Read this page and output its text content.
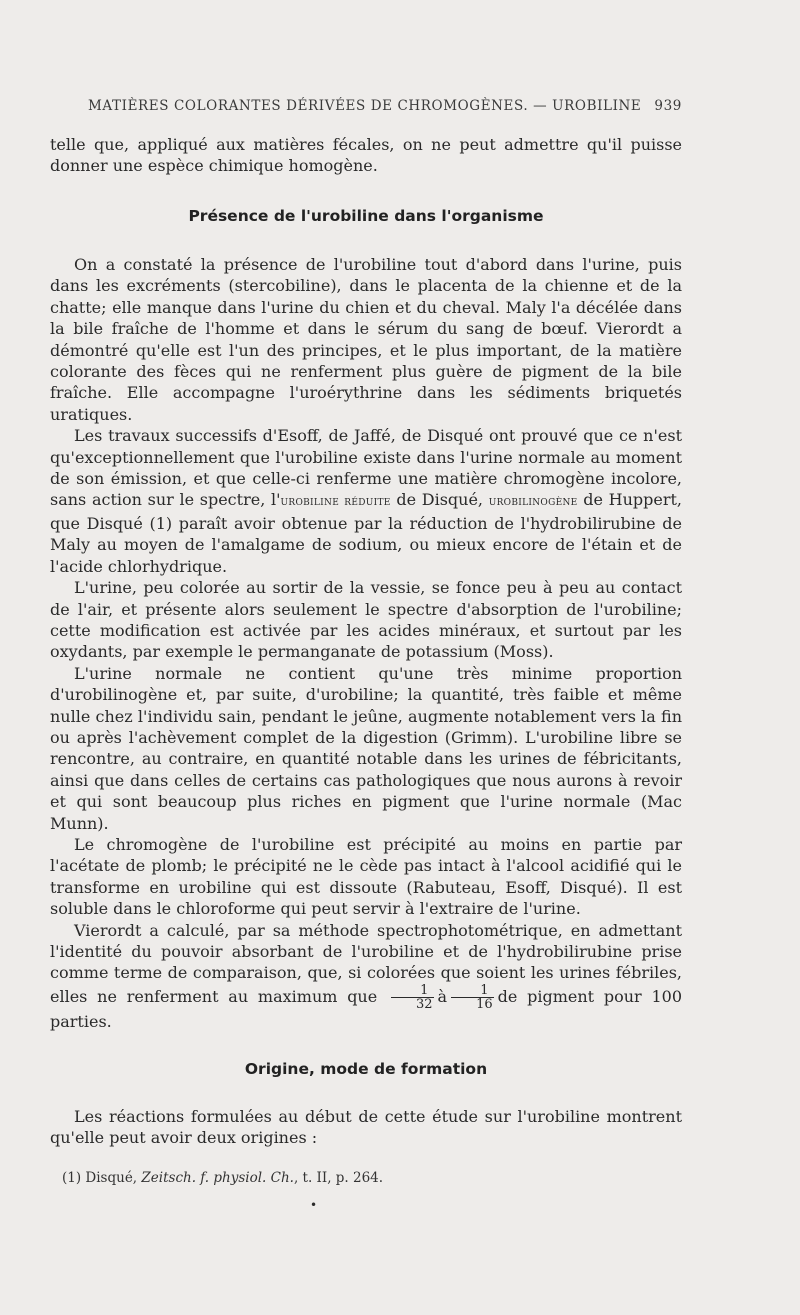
MATIÈRES COLORANTES DÉRIVÉES DE CHROMOGÈNES. — UROBILINE 939

telle que, appliqué aux matières fécales, on ne peut admettre qu'il puisse donner une espèce chimique homogène.

Présence de l'urobiline dans l'organisme

On a constaté la présence de l'urobiline tout d'abord dans l'urine, puis dans les excréments (stercobiline), dans le placenta de la chienne et de la chatte; elle manque dans l'urine du chien et du cheval. Maly l'a décélée dans la bile fraîche de l'homme et dans le sérum du sang de bœuf. Vierordt a démontré qu'elle est l'un des principes, et le plus important, de la matière colorante des fèces qui ne renferment plus guère de pigment de la bile fraîche. Elle accompagne l'uroérythrine dans les sédiments briquetés uratiques.

Les travaux successifs d'Esoff, de Jaffé, de Disqué ont prouvé que ce n'est qu'exceptionnellement que l'urobiline existe dans l'urine normale au moment de son émission, et que celle-ci renferme une matière chromogène incolore, sans action sur le spectre, l'urobiline réduite de Disqué, urobilinogène de Huppert, que Disqué (1) paraît avoir obtenue par la réduction de l'hydrobilirubine de Maly au moyen de l'amalgame de sodium, ou mieux encore de l'étain et de l'acide chlorhydrique.

L'urine, peu colorée au sortir de la vessie, se fonce peu à peu au contact de l'air, et présente alors seulement le spectre d'absorption de l'urobiline; cette modification est activée par les acides minéraux, et surtout par les oxydants, par exemple le permanganate de potassium (Moss).

L'urine normale ne contient qu'une très minime proportion d'urobilinogène et, par suite, d'urobiline; la quantité, très faible et même nulle chez l'individu sain, pendant le jeûne, augmente notablement vers la fin ou après l'achèvement complet de la digestion (Grimm). L'urobiline libre se rencontre, au contraire, en quantité notable dans les urines de fébricitants, ainsi que dans celles de certains cas pathologiques que nous aurons à revoir et qui sont beaucoup plus riches en pigment que l'urine normale (Mac Munn).

Le chromogène de l'urobiline est précipité au moins en partie par l'acétate de plomb; le précipité ne le cède pas intact à l'alcool acidifié qui le transforme en urobiline qui est dissoute (Rabuteau, Esoff, Disqué). Il est soluble dans le chloroforme qui peut servir à l'extraire de l'urine.

Vierordt a calculé, par sa méthode spectrophotométrique, en admettant l'identité du pouvoir absorbant de l'urobiline et de l'hydrobilirubine prise comme terme de comparaison, que, si colorées que soient les urines fébriles, elles ne renferment au maximum que $\frac{1}{32}$ à $\frac{1}{16}$ de pigment pour 100 parties.

Origine, mode de formation

Les réactions formulées au début de cette étude sur l'urobiline montrent qu'elle peut avoir deux origines :

(1) Disqué, Zeitsch. f. physiol. Ch., t. II, p. 264.
•
